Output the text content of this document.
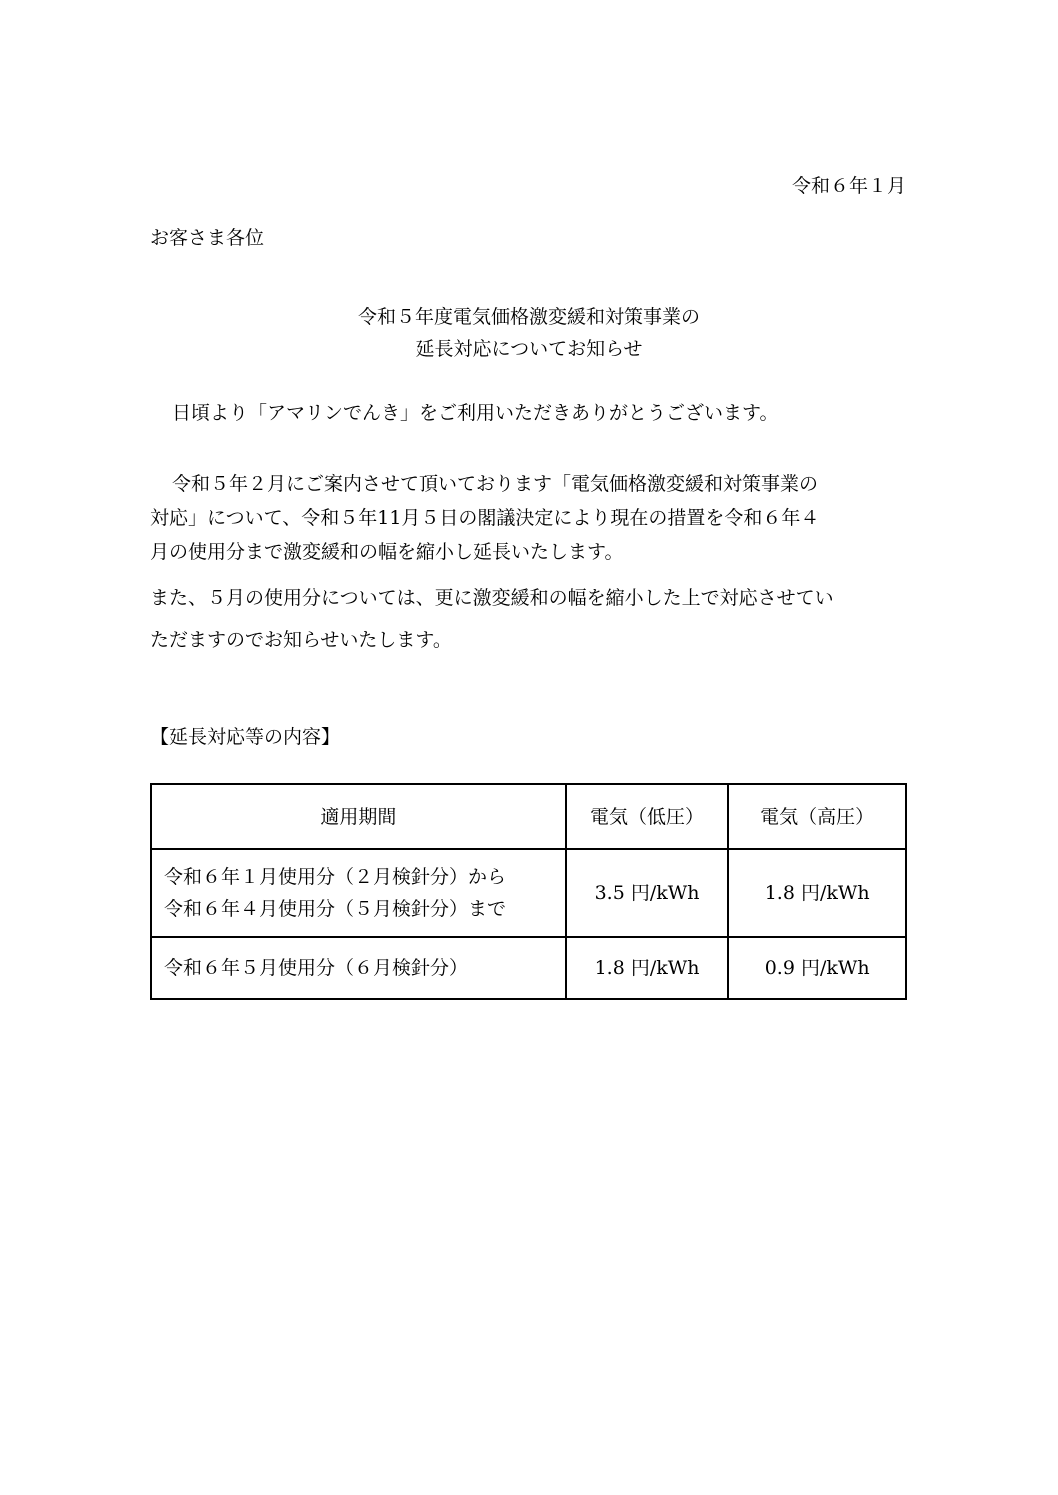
令和６年１月
お客さま各位
令和５年度電気価格激変緩和対策事業の
延長対応についてお知らせ
日頃より「アマリンでんき」をご利用いただきありがとうございます。
令和５年２月にご案内させて頂いております「電気価格激変緩和対策事業の
対応」について、令和５年11月５日の閣議決定により現在の措置を令和６年４
月の使用分まで激変緩和の幅を縮小し延長いたします。
また、５月の使用分については、更に激変緩和の幅を縮小した上で対応させてい
ただますのでお知らせいたします。
【延長対応等の内容】
適用期間	電気（低圧）	電気（高圧）

令和６年１月使用分（２月検針分）から
令和６年４月使用分（５月検針分）まで	3.5 円/kWh	1.8 円/kWh

令和６年５月使用分（６月検針分）	1.8 円/kWh	0.9 円/kWh
